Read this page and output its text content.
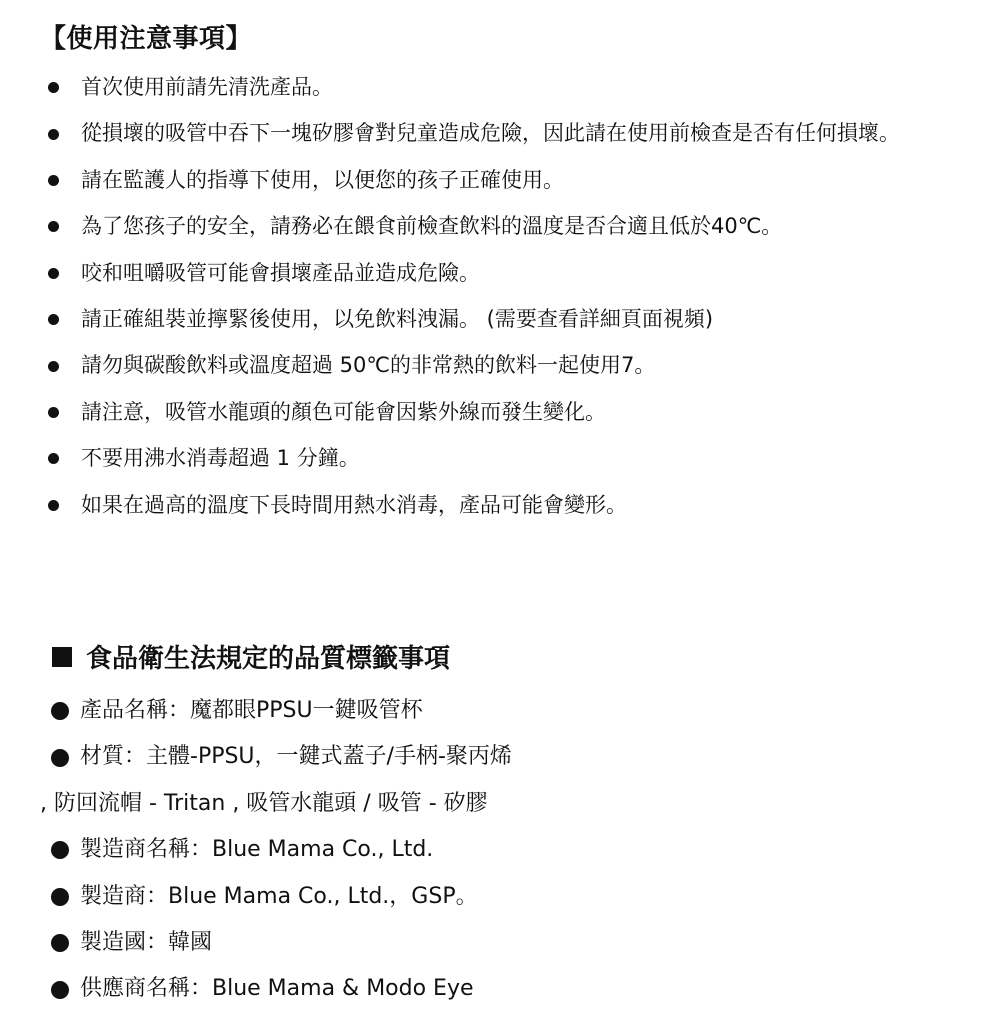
【使用注意事項】
首次使用前請先清洗產品。
從損壞的吸管中吞下一塊矽膠會對兒童造成危險，因此請在使用前檢查是否有任何損壞。
請在監護人的指導下使用，以便您的孩子正確使用。
為了您孩子的安全，請務必在餵食前檢查飲料的溫度是否合適且低於40℃。
咬和咀嚼吸管可能會損壞產品並造成危險。
請正確組裝並擰緊後使用，以免飲料洩漏。 (需要查看詳細頁面視頻)
請勿與碳酸飲料或溫度超過 50℃的非常熱的飲料一起使用7。
請注意，吸管水龍頭的顏色可能會因紫外線而發生變化。
不要用沸水消毒超過 1 分鐘。
如果在過高的溫度下長時間用熱水消毒，產品可能會變形。
食品衛生法規定的品質標籤事項
產品名稱：魔都眼PPSU一鍵吸管杯
材質：主體-PPSU，一鍵式蓋子/手柄-聚丙烯
, 防回流帽 - Tritan , 吸管水龍頭 / 吸管 - 矽膠
製造商名稱：Blue Mama Co., Ltd.
製造商：Blue Mama Co., Ltd.，GSP。
製造國：韓國
供應商名稱：Blue Mama & Modo Eye
